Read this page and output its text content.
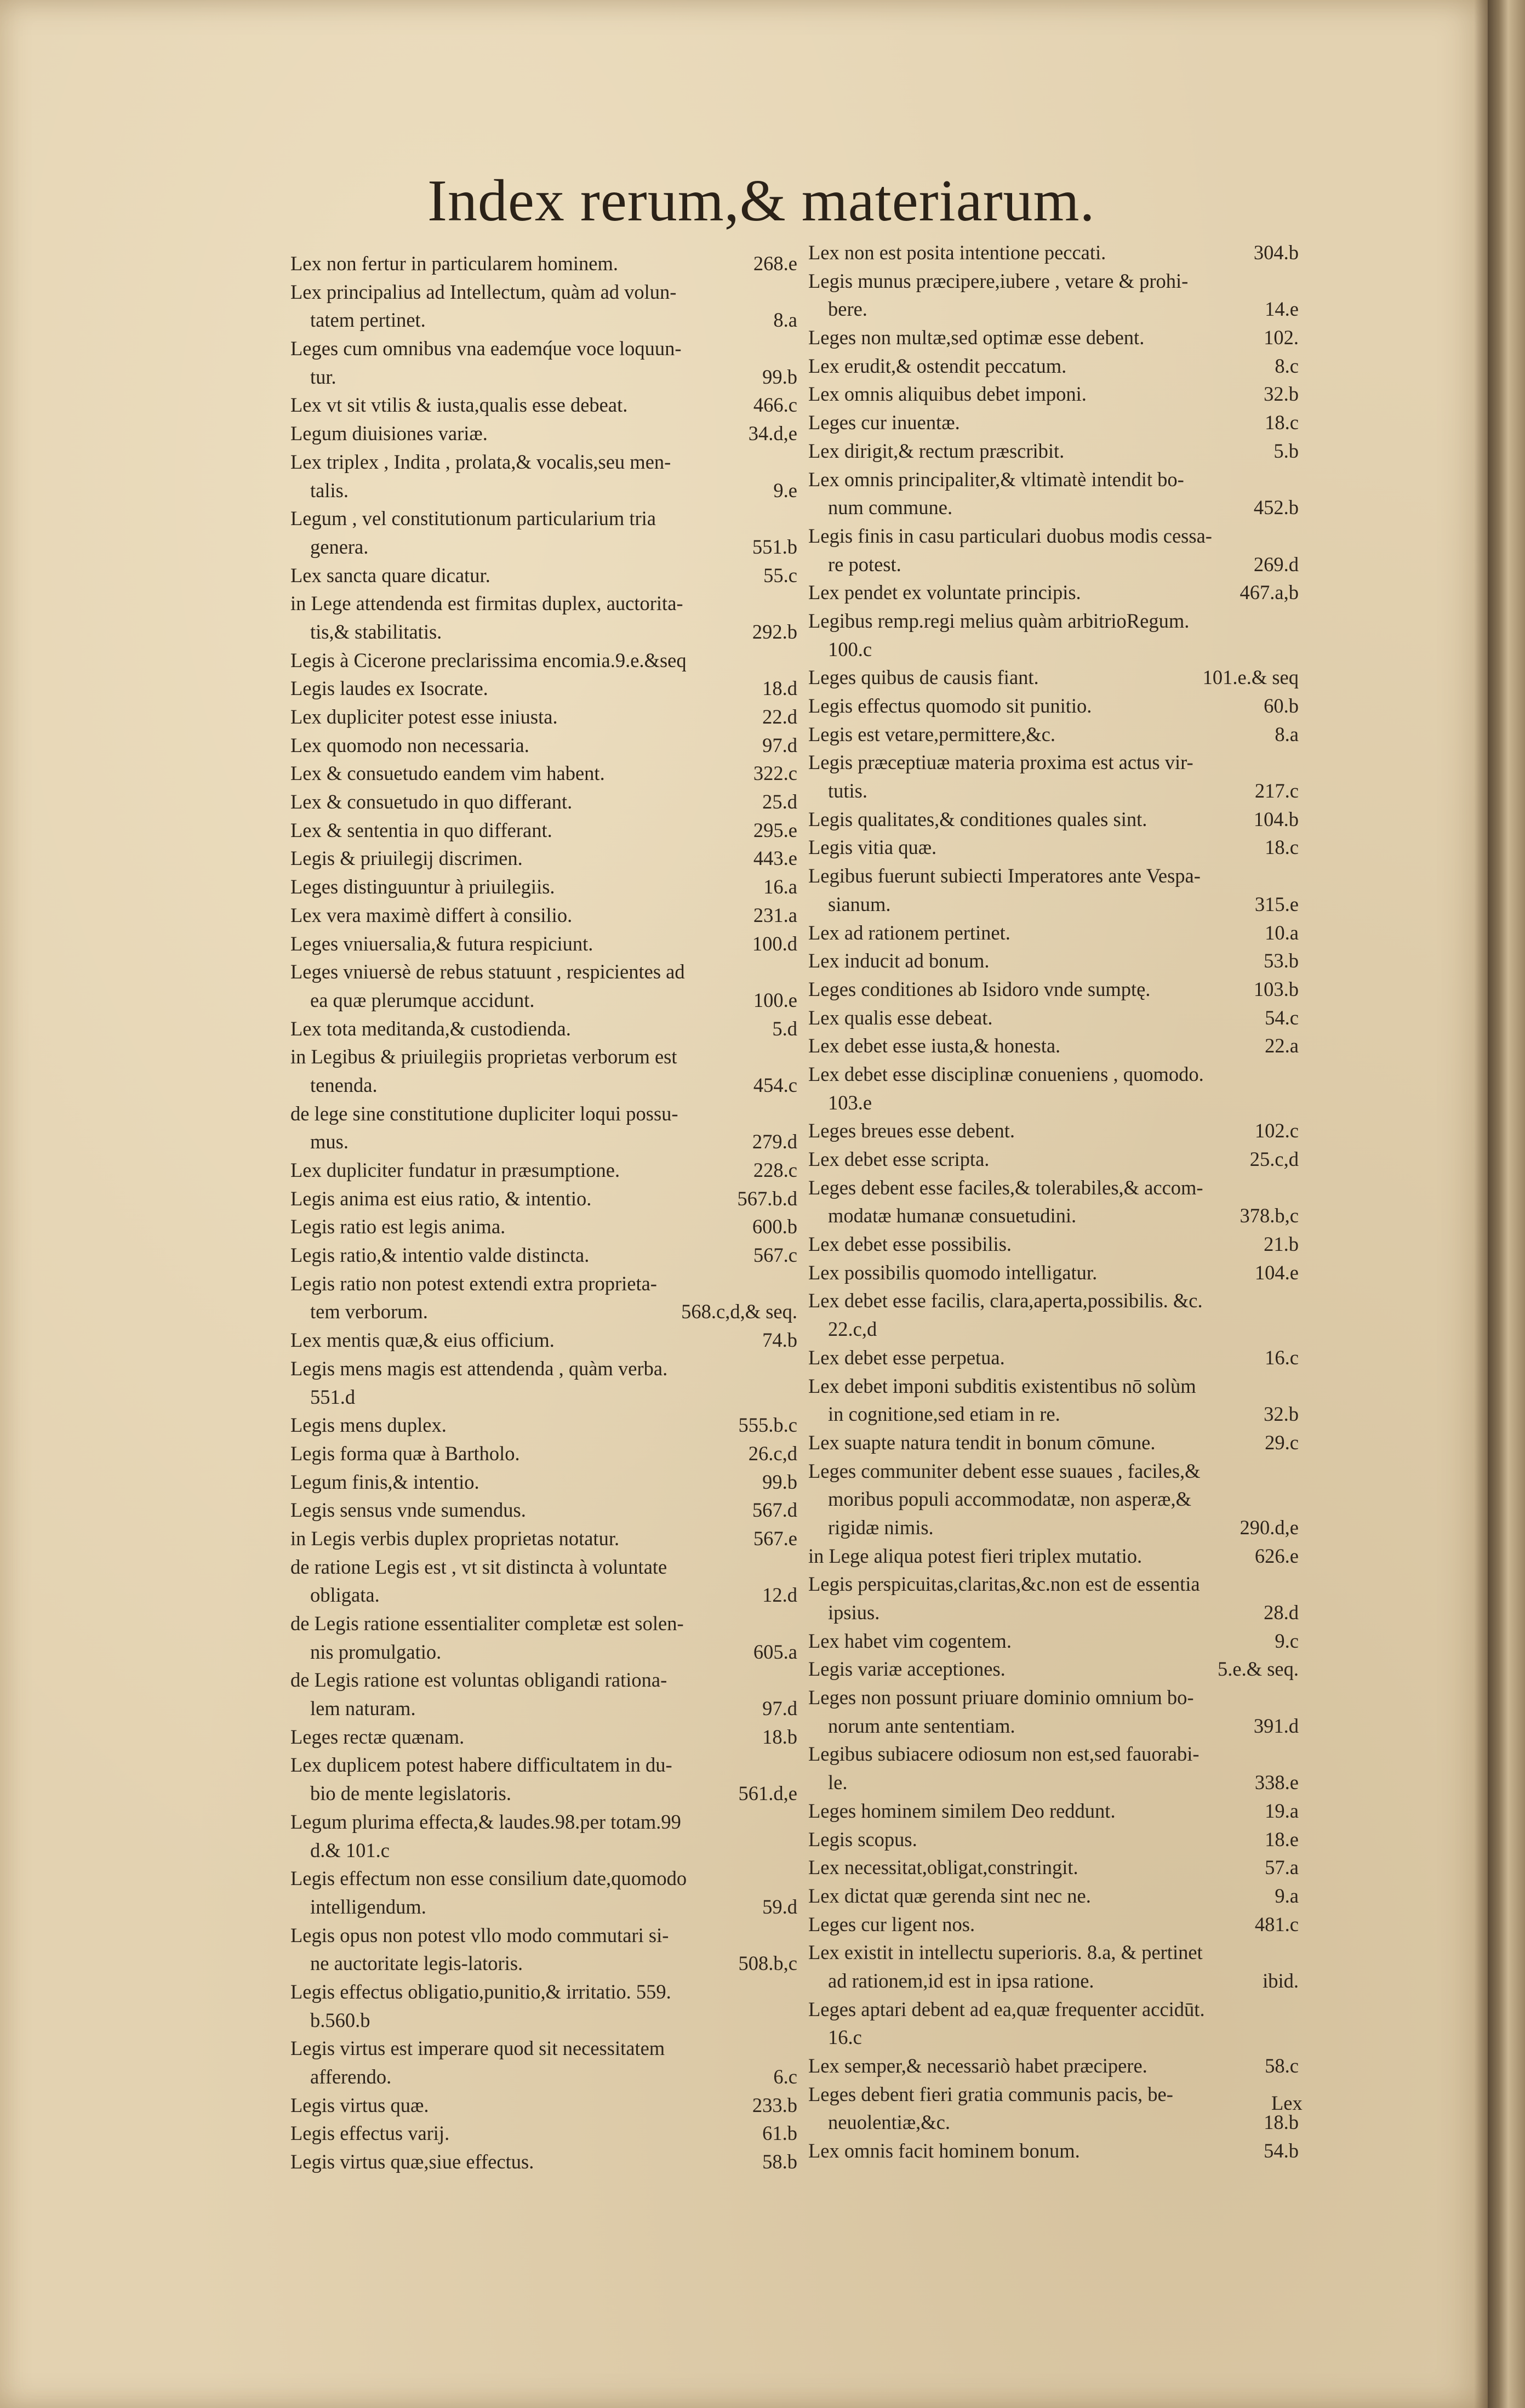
Index rerum,& materiarum.
Lex non fertur in particularem hominem.	268.e
Lex principalius ad Intellectum, quàm ad volun-
tatem pertinet.	8.a
Leges cum omnibus vna eademq́ue voce loquun-
tur.	99.b
Lex vt sit vtilis & iusta,qualis esse debeat.	466.c
Legum diuisiones variæ.	34.d,e
Lex triplex , Indita , prolata,& vocalis,seu men-
talis.	9.e
Legum , vel constitutionum particularium tria
genera.	551.b
Lex sancta quare dicatur.	55.c
in Lege attendenda est firmitas duplex, auctorita-
tis,& stabilitatis.	292.b
Legis à Cicerone preclarissima encomia.9.e.&seq
Legis laudes ex Isocrate.	18.d
Lex dupliciter potest esse iniusta.	22.d
Lex quomodo non necessaria.	97.d
Lex & consuetudo eandem vim habent.	322.c
Lex & consuetudo in quo differant.	25.d
Lex & sententia in quo differant.	295.e
Legis & priuilegij discrimen.	443.e
Leges distinguuntur à priuilegiis.	16.a
Lex vera maximè differt à consilio.	231.a
Leges vniuersalia,& futura respiciunt.	100.d
Leges vniuersè de rebus statuunt , respicientes ad
ea quæ plerumque accidunt.	100.e
Lex tota meditanda,& custodienda.	5.d
in Legibus & priuilegiis proprietas verborum est
tenenda.	454.c
de lege sine constitutione dupliciter loqui possu-
mus.	279.d
Lex dupliciter fundatur in præsumptione.	228.c
Legis anima est eius ratio, & intentio.	567.b.d
Legis ratio est legis anima.	600.b
Legis ratio,& intentio valde distincta.	567.c
Legis ratio non potest extendi extra proprieta-
tem verborum.	568.c,d,& seq.
Lex mentis quæ,& eius officium.	74.b
Legis mens magis est attendenda , quàm verba.
551.d
Legis mens duplex.	555.b.c
Legis forma quæ à Bartholo.	26.c,d
Legum finis,& intentio.	99.b
Legis sensus vnde sumendus.	567.d
in Legis verbis duplex proprietas notatur.	567.e
de ratione Legis est , vt sit distincta à voluntate
obligata.	12.d
de Legis ratione essentialiter completæ est solen-
nis promulgatio.	605.a
de Legis ratione est voluntas obligandi rationa-
lem naturam.	97.d
Leges rectæ quænam.	18.b
Lex duplicem potest habere difficultatem in du-
bio de mente legislatoris.	561.d,e
Legum plurima effecta,& laudes.98.per totam.99
d.& 101.c
Legis effectum non esse consilium date,quomodo
intelligendum.	59.d
Legis opus non potest vllo modo commutari si-
ne auctoritate legis-latoris.	508.b,c
Legis effectus obligatio,punitio,& irritatio. 559.
b.560.b
Legis virtus est imperare quod sit necessitatem
afferendo.	6.c
Legis virtus quæ.	233.b
Legis effectus varij.	61.b
Legis virtus quæ,siue effectus.	58.b
Lex non est posita intentione peccati.	304.b
Legis munus præcipere,iubere , vetare & prohi-
bere.	14.e
Leges non multæ,sed optimæ esse debent.	102.
Lex erudit,& ostendit peccatum.	8.c
Lex omnis aliquibus debet imponi.	32.b
Leges cur inuentæ.	18.c
Lex dirigit,& rectum præscribit.	5.b
Lex omnis principaliter,& vltimatè intendit bo-
num commune.	452.b
Legis finis in casu particulari duobus modis cessa-
re potest.	269.d
Lex pendet ex voluntate principis.	467.a,b
Legibus remp.regi melius quàm arbitrioRegum.
100.c
Leges quibus de causis fiant.	101.e.& seq
Legis effectus quomodo sit punitio.	60.b
Legis est vetare,permittere,&c.	8.a
Legis præceptiuæ materia proxima est actus vir-
tutis.	217.c
Legis qualitates,& conditiones quales sint.	104.b
Legis vitia quæ.	18.c
Legibus fuerunt subiecti Imperatores ante Vespa-
sianum.	315.e
Lex ad rationem pertinet.	10.a
Lex inducit ad bonum.	53.b
Leges conditiones ab Isidoro vnde sumptę.	103.b
Lex qualis esse debeat.	54.c
Lex debet esse iusta,& honesta.	22.a
Lex debet esse disciplinæ conueniens , quomodo.
103.e
Leges breues esse debent.	102.c
Lex debet esse scripta.	25.c,d
Leges debent esse faciles,& tolerabiles,& accom-
modatæ humanæ consuetudini.	378.b,c
Lex debet esse possibilis.	21.b
Lex possibilis quomodo intelligatur.	104.e
Lex debet esse facilis, clara,aperta,possibilis. &c.
22.c,d
Lex debet esse perpetua.	16.c
Lex debet imponi subditis existentibus nō solùm
in cognitione,sed etiam in re.	32.b
Lex suapte natura tendit in bonum cōmune.	29.c
Leges communiter debent esse suaues , faciles,&
moribus populi accommodatæ, non asperæ,&
rigidæ nimis.	290.d,e
in Lege aliqua potest fieri triplex mutatio.	626.e
Legis perspicuitas,claritas,&c.non est de essentia
ipsius.	28.d
Lex habet vim cogentem.	9.c
Legis variæ acceptiones.	5.e.& seq.
Leges non possunt priuare dominio omnium bo-
norum ante sententiam.	391.d
Legibus subiacere odiosum non est,sed fauorabi-
le.	338.e
Leges hominem similem Deo reddunt.	19.a
Legis scopus.	18.e
Lex necessitat,obligat,constringit.	57.a
Lex dictat quæ gerenda sint nec ne.	9.a
Leges cur ligent nos.	481.c
Lex existit in intellectu superioris. 8.a, & pertinet
ad rationem,id est in ipsa ratione.	ibid.
Leges aptari debent ad ea,quæ frequenter accidūt.
16.c
Lex semper,& necessariò habet præcipere.	58.c
Leges debent fieri gratia communis pacis, be-
neuolentiæ,&c.	18.b
Lex omnis facit hominem bonum.	54.b
Lex
